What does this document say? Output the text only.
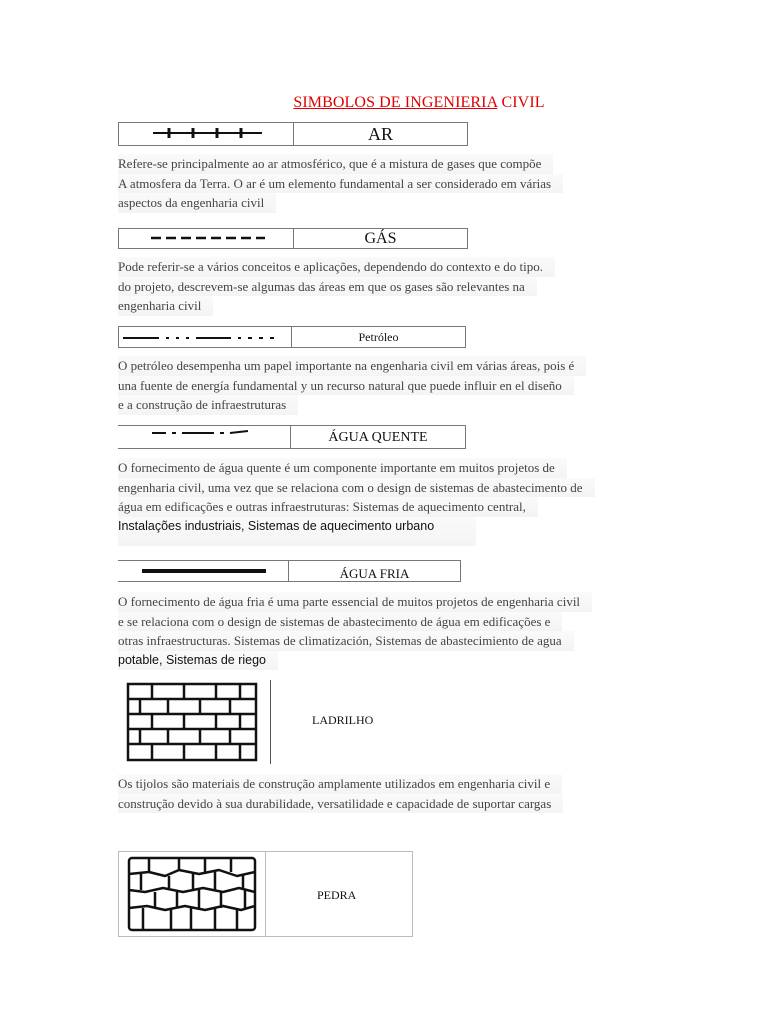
SIMBOLOS DE INGENIERIA CIVIL
AR
Refere-se principalmente ao ar atmosférico, que é a mistura de gases que compõe
A atmosfera da Terra. O ar é um elemento fundamental a ser considerado em várias
aspectos da engenharia civil
GÁS
Pode referir-se a vários conceitos e aplicações, dependendo do contexto e do tipo.
do projeto, descrevem-se algumas das áreas em que os gases são relevantes na
engenharia civil
Petróleo
O petróleo desempenha um papel importante na engenharia civil em várias áreas, pois é
una fuente de energía fundamental y un recurso natural que puede influir en el diseño
e a construção de infraestruturas
ÁGUA QUENTE
O fornecimento de água quente é um componente importante em muitos projetos de
engenharia civil, uma vez que se relaciona com o design de sistemas de abastecimento de
água em edificações e outras infraestruturas: Sistemas de aquecimento central,
Instalações industriais, Sistemas de aquecimento urbano
ÁGUA FRIA
O fornecimento de água fria é uma parte essencial de muitos projetos de engenharia civil
e se relaciona com o design de sistemas de abastecimento de água em edificações e
otras infraestructuras. Sistemas de climatización, Sistemas de abastecimiento de agua
potable, Sistemas de riego
LADRILHO
Os tijolos são materiais de construção amplamente utilizados em engenharia civil e
construção devido à sua durabilidade, versatilidade e capacidade de suportar cargas
PEDRA
